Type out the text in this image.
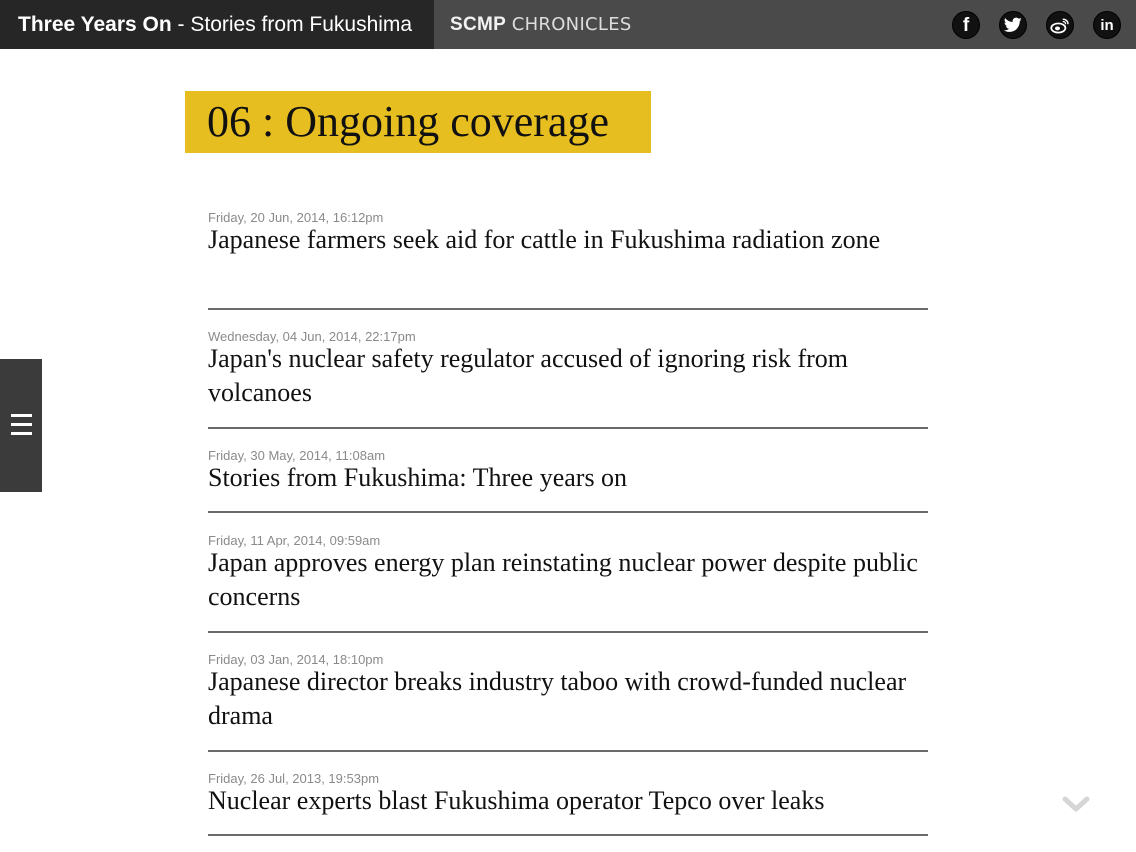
Three Years On - Stories from Fukushima	SCMP CHRONICLES	f	in
06 : Ongoing coverage
Friday, 20 Jun, 2014, 16:12pm
Japanese farmers seek aid for cattle in Fukushima radiation zone
Wednesday, 04 Jun, 2014, 22:17pm
Japan's nuclear safety regulator accused of ignoring risk from volcanoes
Friday, 30 May, 2014, 11:08am
Stories from Fukushima: Three years on
Friday, 11 Apr, 2014, 09:59am
Japan approves energy plan reinstating nuclear power despite public concerns
Friday, 03 Jan, 2014, 18:10pm
Japanese director breaks industry taboo with crowd-funded nuclear drama
Friday, 26 Jul, 2013, 19:53pm
Nuclear experts blast Fukushima operator Tepco over leaks
